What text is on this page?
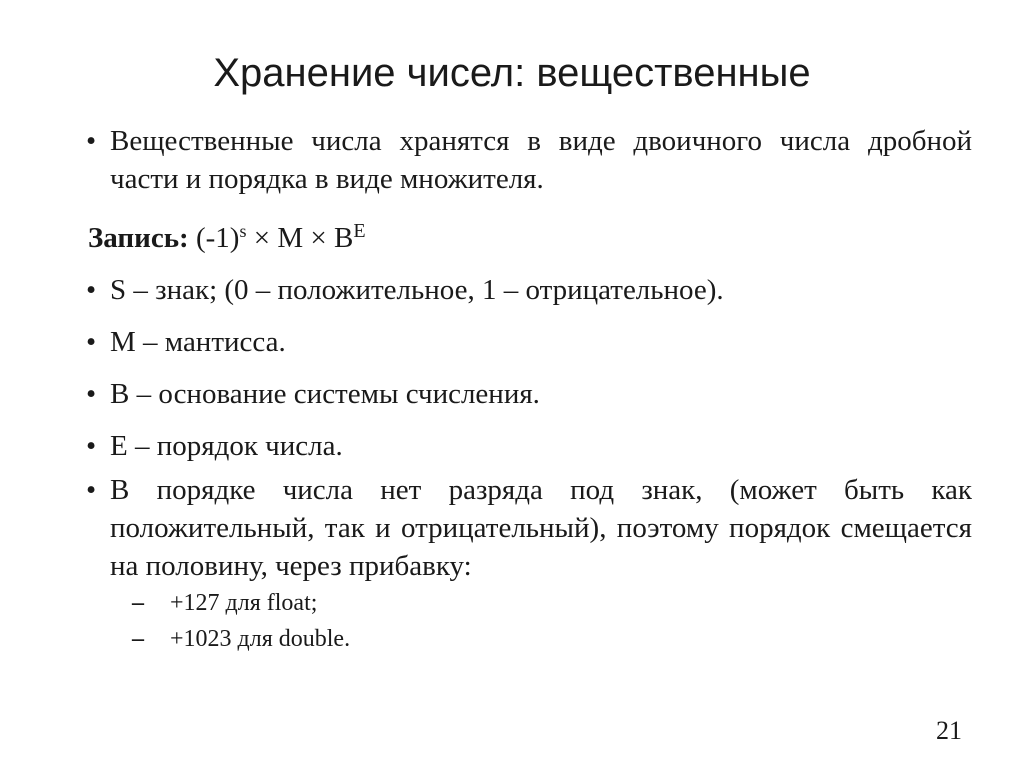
Хранение чисел: вещественные
• Вещественные числа хранятся в виде двоичного числа дробной части и порядка в виде множителя.
Запись: $(-1)^s \times M \times B^E$
• S – знак; (0 – положительное, 1 – отрицательное).
• M – мантисса.
• B – основание системы счисления.
• E – порядок числа.
• В порядке числа нет разряда под знак, (может быть как положительный, так и отрицательный), поэтому порядок смещается на половину, через прибавку:
– +127 для float;
– +1023 для double.
21
